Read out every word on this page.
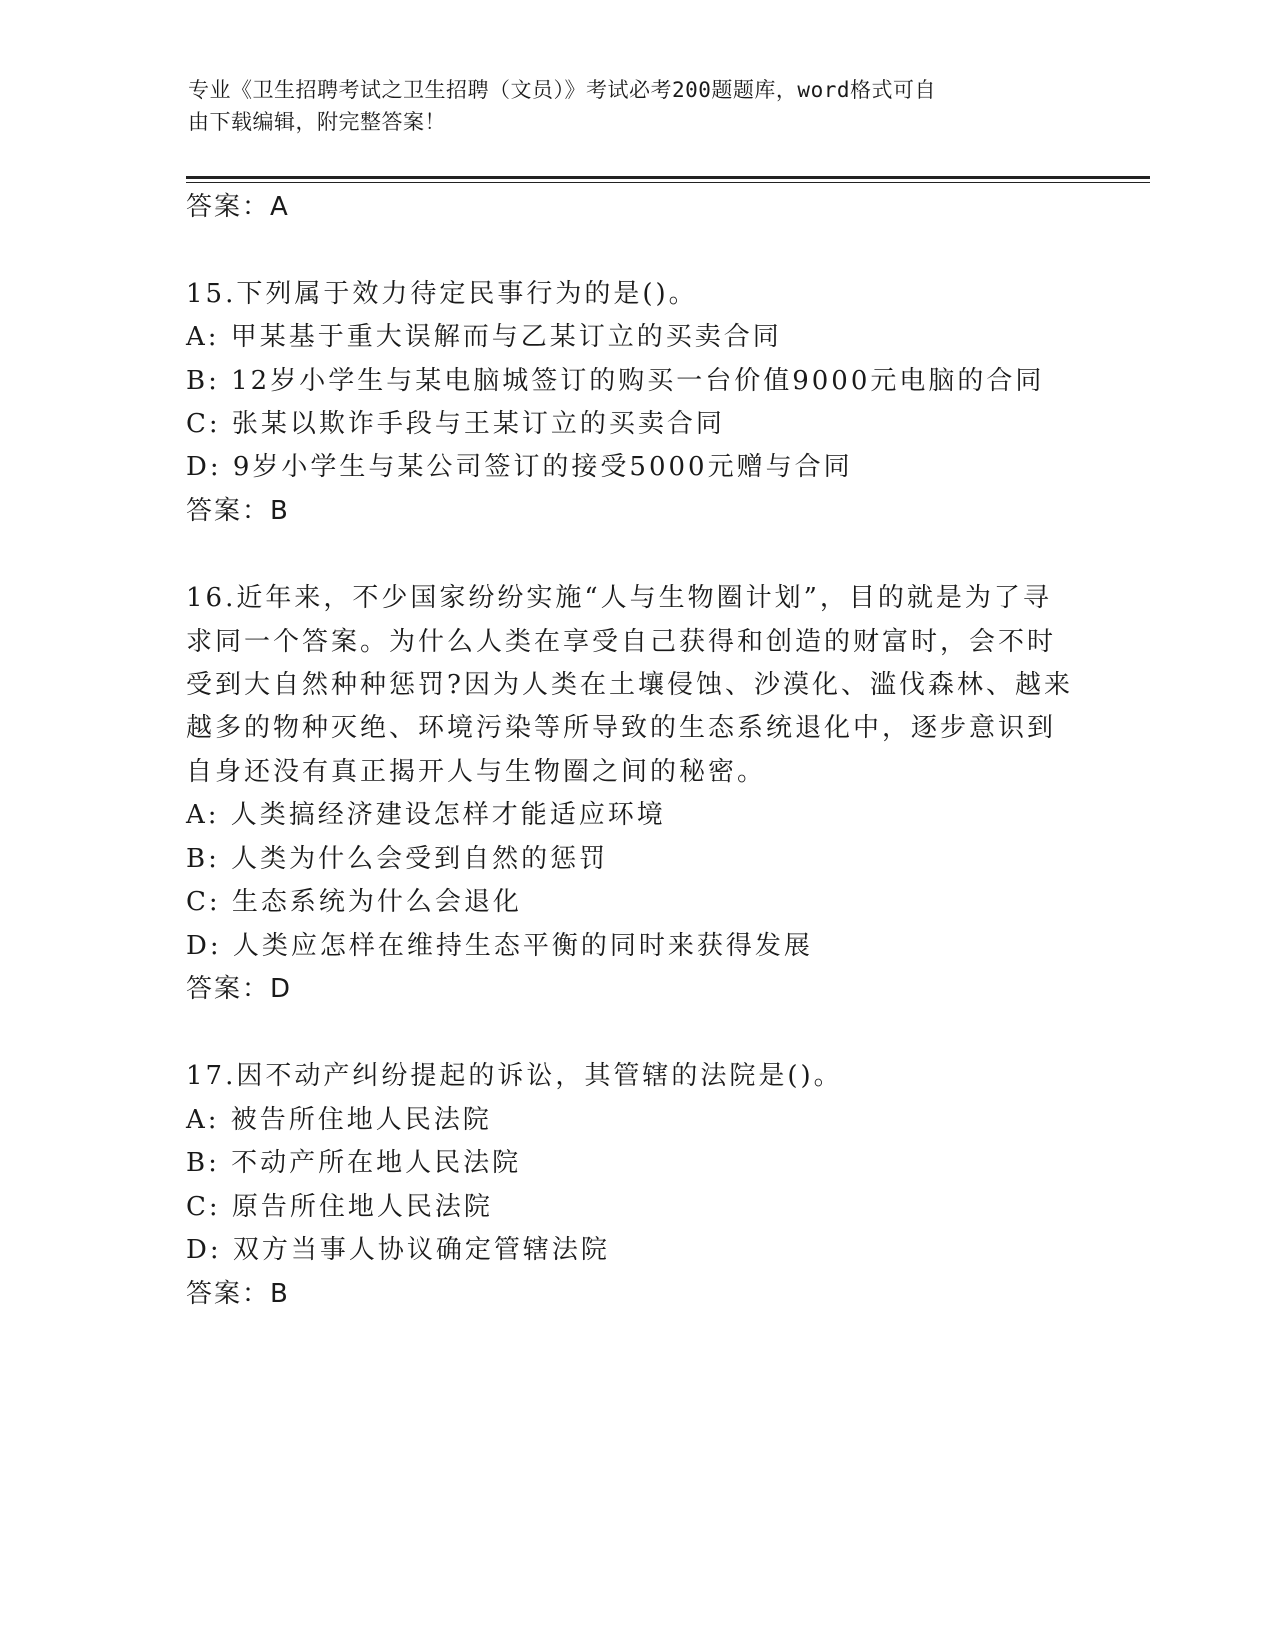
专业《卫生招聘考试之卫生招聘（文员）》考试必考200题题库，word格式可自
由下载编辑，附完整答案！
答案：A
15.下列属于效力待定民事行为的是()。
A: 甲某基于重大误解而与乙某订立的买卖合同
B: 12岁小学生与某电脑城签订的购买一台价值9000元电脑的合同
C: 张某以欺诈手段与王某订立的买卖合同
D: 9岁小学生与某公司签订的接受5000元赠与合同
答案：B
16.近年来，不少国家纷纷实施“人与生物圈计划”，目的就是为了寻
求同一个答案。为什么人类在享受自己获得和创造的财富时，会不时
受到大自然种种惩罚?因为人类在土壤侵蚀、沙漠化、滥伐森林、越来
越多的物种灭绝、环境污染等所导致的生态系统退化中，逐步意识到
自身还没有真正揭开人与生物圈之间的秘密。
A: 人类搞经济建设怎样才能适应环境
B: 人类为什么会受到自然的惩罚
C: 生态系统为什么会退化
D: 人类应怎样在维持生态平衡的同时来获得发展
答案：D
17.因不动产纠纷提起的诉讼，其管辖的法院是()。
A: 被告所住地人民法院
B: 不动产所在地人民法院
C: 原告所住地人民法院
D: 双方当事人协议确定管辖法院
答案：B
